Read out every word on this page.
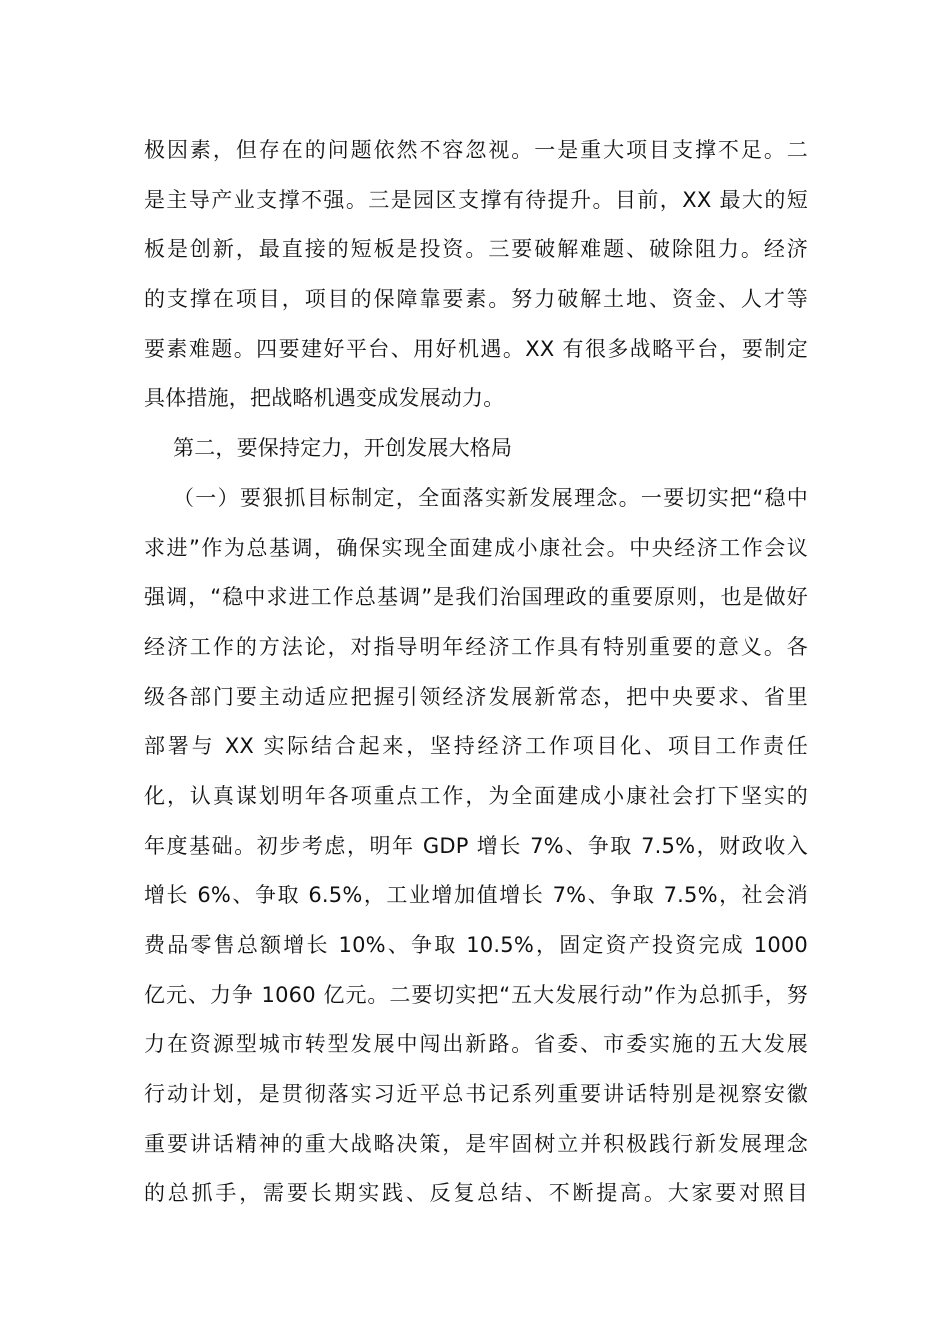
极因素，但存在的问题依然不容忽视。一是重大项目支撑不足。二
是主导产业支撑不强。三是园区支撑有待提升。目前，XX 最大的短
板是创新，最直接的短板是投资。三要破解难题、破除阻力。经济
的支撑在项目，项目的保障靠要素。努力破解土地、资金、人才等
要素难题。四要建好平台、用好机遇。XX 有很多战略平台，要制定
具体措施，把战略机遇变成发展动力。
第二，要保持定力，开创发展大格局
（一）要狠抓目标制定，全面落实新发展理念。一要切实把“稳中
求进”作为总基调，确保实现全面建成小康社会。中央经济工作会议
强调，“稳中求进工作总基调”是我们治国理政的重要原则，也是做好
经济工作的方法论，对指导明年经济工作具有特别重要的意义。各
级各部门要主动适应把握引领经济发展新常态，把中央要求、省里
部署与 XX 实际结合起来，坚持经济工作项目化、项目工作责任
化，认真谋划明年各项重点工作，为全面建成小康社会打下坚实的
年度基础。初步考虑，明年 GDP 增长 7%、争取 7.5%，财政收入
增长 6%、争取 6.5%，工业增加值增长 7%、争取 7.5%，社会消
费品零售总额增长 10%、争取 10.5%，固定资产投资完成 1000
亿元、力争 1060 亿元。二要切实把“五大发展行动”作为总抓手，努
力在资源型城市转型发展中闯出新路。省委、市委实施的五大发展
行动计划，是贯彻落实习近平总书记系列重要讲话特别是视察安徽
重要讲话精神的重大战略决策，是牢固树立并积极践行新发展理念
的总抓手，需要长期实践、反复总结、不断提高。大家要对照目
